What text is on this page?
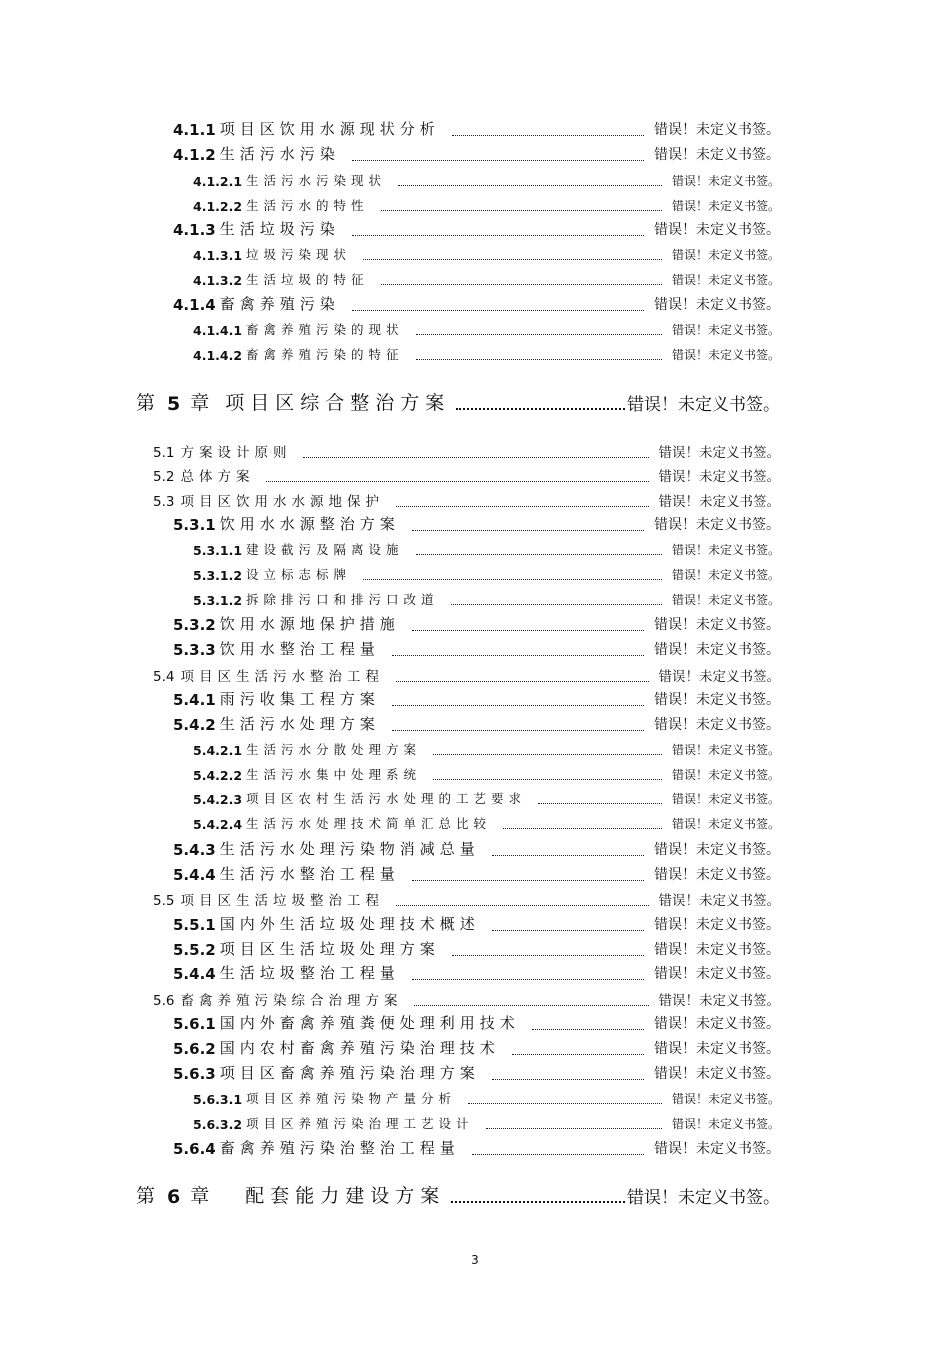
4.1.1 项目区饮用水源现状分析	错误！未定义书签。
4.1.2 生活污水污染	错误！未定义书签。
4.1.2.1 生活污水污染现状	错误！未定义书签。
4.1.2.2 生活污水的特性	错误！未定义书签。
4.1.3 生活垃圾污染	错误！未定义书签。
4.1.3.1 垃圾污染现状	错误！未定义书签。
4.1.3.2 生活垃圾的特征	错误！未定义书签。
4.1.4 畜禽养殖污染	错误！未定义书签。
4.1.4.1 畜禽养殖污染的现状	错误！未定义书签。
4.1.4.2 畜禽养殖污染的特征	错误！未定义书签。
第 5 章 项目区综合整治方案	错误！未定义书签。
5.1 方案设计原则	错误！未定义书签。
5.2 总体方案	错误！未定义书签。
5.3 项目区饮用水水源地保护	错误！未定义书签。
5.3.1 饮用水水源整治方案	错误！未定义书签。
5.3.1.1 建设截污及隔离设施	错误！未定义书签。
5.3.1.2 设立标志标牌	错误！未定义书签。
5.3.1.2 拆除排污口和排污口改道	错误！未定义书签。
5.3.2 饮用水源地保护措施	错误！未定义书签。
5.3.3 饮用水整治工程量	错误！未定义书签。
5.4 项目区生活污水整治工程	错误！未定义书签。
5.4.1 雨污收集工程方案	错误！未定义书签。
5.4.2 生活污水处理方案	错误！未定义书签。
5.4.2.1 生活污水分散处理方案	错误！未定义书签。
5.4.2.2 生活污水集中处理系统	错误！未定义书签。
5.4.2.3 项目区农村生活污水处理的工艺要求	错误！未定义书签。
5.4.2.4 生活污水处理技术简单汇总比较	错误！未定义书签。
5.4.3 生活污水处理污染物消减总量	错误！未定义书签。
5.4.4 生活污水整治工程量	错误！未定义书签。
5.5 项目区生活垃圾整治工程	错误！未定义书签。
5.5.1 国内外生活垃圾处理技术概述	错误！未定义书签。
5.5.2 项目区生活垃圾处理方案	错误！未定义书签。
5.4.4 生活垃圾整治工程量	错误！未定义书签。
5.6 畜禽养殖污染综合治理方案	错误！未定义书签。
5.6.1 国内外畜禽养殖粪便处理利用技术	错误！未定义书签。
5.6.2 国内农村畜禽养殖污染治理技术	错误！未定义书签。
5.6.3 项目区畜禽养殖污染治理方案	错误！未定义书签。
5.6.3.1 项目区养殖污染物产量分析	错误！未定义书签。
5.6.3.2 项目区养殖污染治理工艺设计	错误！未定义书签。
5.6.4 畜禽养殖污染治整治工程量	错误！未定义书签。
第 6 章 配套能力建设方案	错误！未定义书签。
3
